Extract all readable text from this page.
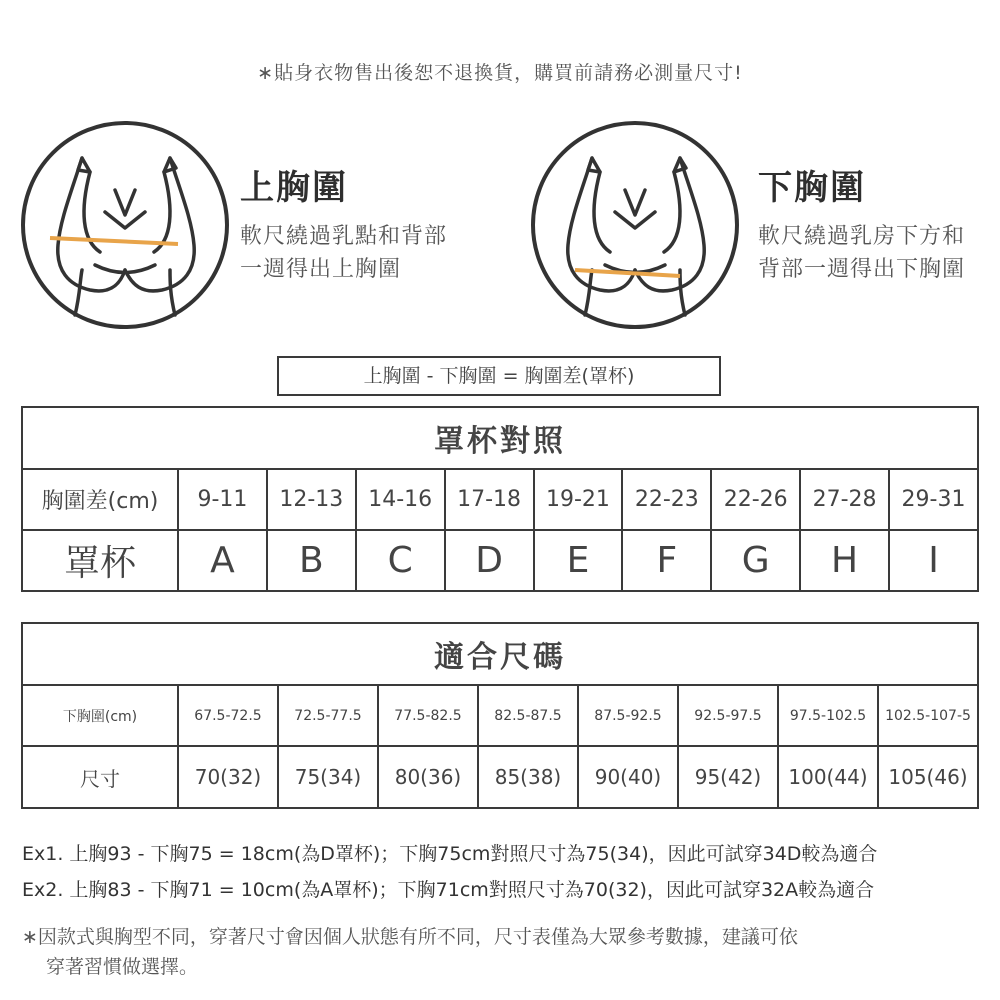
∗貼身衣物售出後恕不退換貨，購買前請務必測量尺寸!
上胸圍
軟尺繞過乳點和背部
一週得出上胸圍
下胸圍
軟尺繞過乳房下方和
背部一週得出下胸圍
上胸圍 - 下胸圍 = 胸圍差(罩杯)
罩杯對照									
胸圍差(cm)	9-11	12-13	14-16	17-18	19-21	22-23	22-26	27-28	29-31
罩杯	A	B	C	D	E	F	G	H	I
適合尺碼								
下胸圍(cm)	67.5-72.5	72.5-77.5	77.5-82.5	82.5-87.5	87.5-92.5	92.5-97.5	97.5-102.5	102.5-107-5
尺寸	70(32)	75(34)	80(36)	85(38)	90(40)	95(42)	100(44)	105(46)
Ex1. 上胸93 - 下胸75 = 18cm(為D罩杯)；下胸75cm對照尺寸為75(34)，因此可試穿34D較為適合
Ex2. 上胸83 - 下胸71 = 10cm(為A罩杯)；下胸71cm對照尺寸為70(32)，因此可試穿32A較為適合
∗因款式與胸型不同，穿著尺寸會因個人狀態有所不同，尺寸表僅為大眾參考數據，建議可依
穿著習慣做選擇。
